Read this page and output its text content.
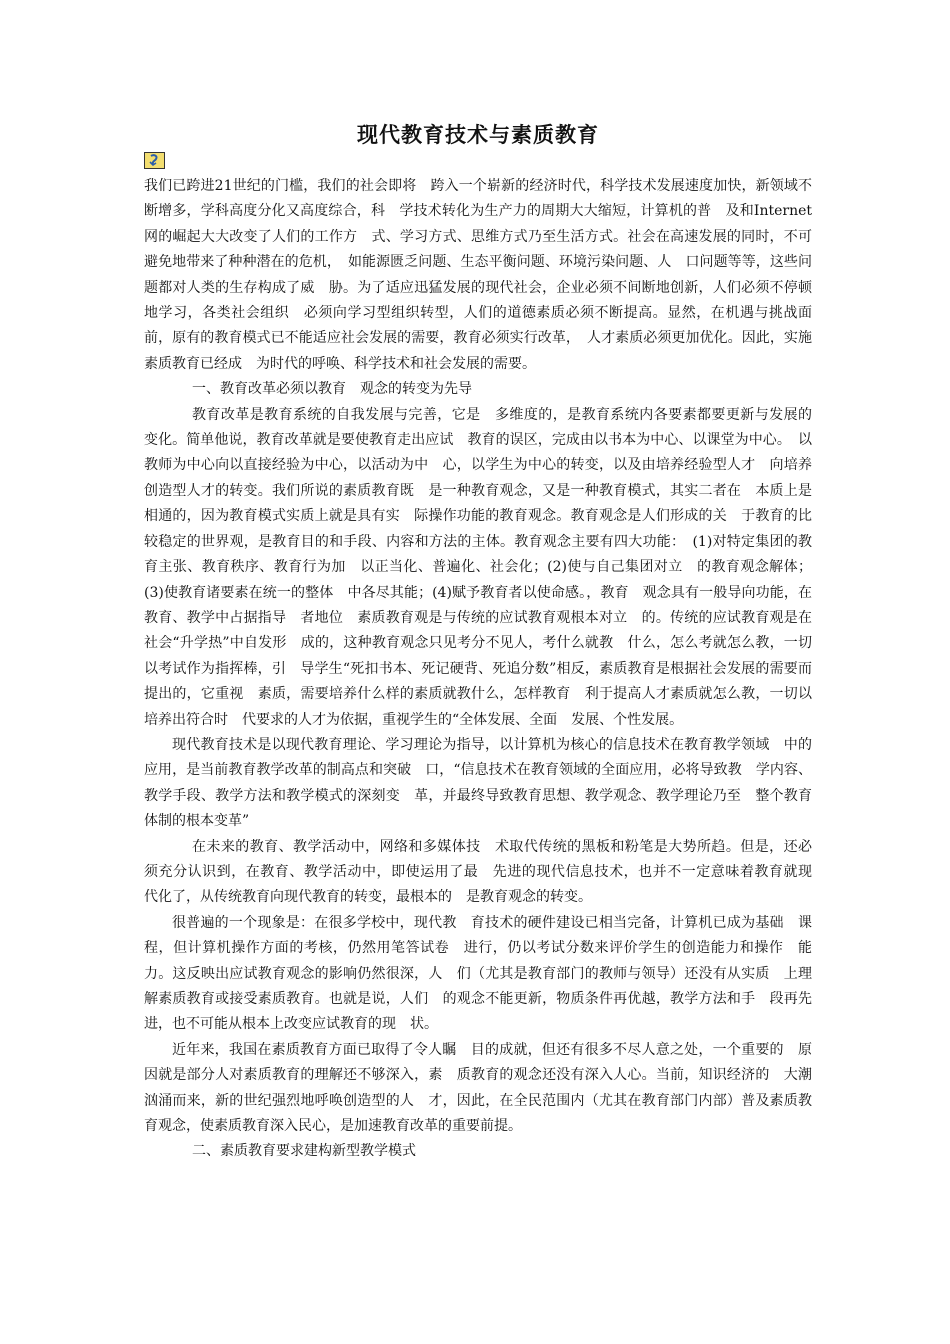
现代教育技术与素质教育

我们已跨进21世纪的门槛，我们的社会即将　跨入一个崭新的经济时代，科学技术发展速度加快，新领域不断增多，学科高度分化又高度综合，科　学技术转化为生产力的周期大大缩短，计算机的普　及和Internet网的崛起大大改变了人们的工作方　式、学习方式、思维方式乃至生活方式。社会在高速发展的同时，不可避免地带来了种种潜在的危机，　如能源匮乏问题、生态平衡问题、环境污染问题、人　口问题等等，这些问题都对人类的生存构成了威　胁。为了适应迅猛发展的现代社会，企业必须不间断地创新，人们必须不停顿地学习，各类社会组织　必须向学习型组织转型，人们的道德素质必须不断提高。显然，在机遇与挑战面前，原有的教育模式已不能适应社会发展的需要，教育必须实行改革，　人才素质必须更加优化。因此，实施素质教育已经成　为时代的呼唤、科学技术和社会发展的需要。

一、教育改革必须以教育　观念的转变为先导

教育改革是教育系统的自我发展与完善，它是　多维度的，是教育系统内各要素都要更新与发展的　变化。简单他说，教育改革就是要使教育走出应试　教育的误区，完成由以书本为中心、以课堂为中心。　以教师为中心向以直接经验为中心，以活动为中　心，以学生为中心的转变，以及由培养经验型人才　向培养创造型人才的转变。我们所说的素质教育既　是一种教育观念，又是一种教育模式，其实二者在　本质上是相通的，因为教育模式实质上就是具有实　际操作功能的教育观念。教育观念是人们形成的关　于教育的比较稳定的世界观，是教育目的和手段、内容和方法的主体。教育观念主要有四大功能：　(1)对特定集团的教育主张、教育秩序、教育行为加　以正当化、普遍化、社会化；(2)使与自己集团对立　的教育观念解体；(3)使教育诸要素在统一的整体　中各尽其能；(4)赋予教育者以使命感。，教育　观念具有一般导向功能，在教育、教学中占据指导　者地位　素质教育观是与传统的应试教育观根本对立　的。传统的应试教育观是在社会“升学热”中自发形　成的，这种教育观念只见考分不见人，考什么就教　什么，怎么考就怎么教，一切以考试作为指挥棒，引　导学生“死扣书本、死记硬背、死追分数”相反，素质教育是根据社会发展的需要而提出的，它重视　素质，需要培养什么样的素质就教什么，怎样教育　利于提高人才素质就怎么教，一切以培养出符合时　代要求的人才为依据，重视学生的“全体发展、全面　发展、个性发展。

现代教育技术是以现代教育理论、学习理论为指导，以计算机为核心的信息技术在教育教学领域　中的应用，是当前教育教学改革的制高点和突破　口，“信息技术在教育领域的全面应用，必将导致教　学内容、教学手段、教学方法和教学模式的深刻变　革，并最终导致教育思想、教学观念、教学理论乃至　整个教育体制的根本变革”

在未来的教育、教学活动中，网络和多媒体技　术取代传统的黑板和粉笔是大势所趋。但是，还必　须充分认识到，在教育、教学活动中，即使运用了最　先进的现代信息技术，也并不一定意味着教育就现　代化了，从传统教育向现代教育的转变，最根本的　是教育观念的转变。

很普遍的一个现象是：在很多学校中，现代教　育技术的硬件建设已相当完备，计算机已成为基础　课程，但计算机操作方面的考核，仍然用笔答试卷　进行，仍以考试分数来评价学生的创造能力和操作　能力。这反映出应试教育观念的影响仍然很深，人　们（尤其是教育部门的教师与领导）还没有从实质　上理解素质教育或接受素质教育。也就是说，人们　的观念不能更新，物质条件再优越，教学方法和手　段再先进，也不可能从根本上改变应试教育的现　状。

近年来，我国在素质教育方面已取得了令人瞩　目的成就，但还有很多不尽人意之处，一个重要的　原因就是部分人对素质教育的理解还不够深入，素　质教育的观念还没有深入人心。当前，知识经济的　大潮汹涌而来，新的世纪强烈地呼唤创造型的人　才，因此，在全民范围内（尤其在教育部门内部）普及素质教育观念，使素质教育深入民心，是加速教育改革的重要前提。

二、素质教育要求建构新型教学模式
